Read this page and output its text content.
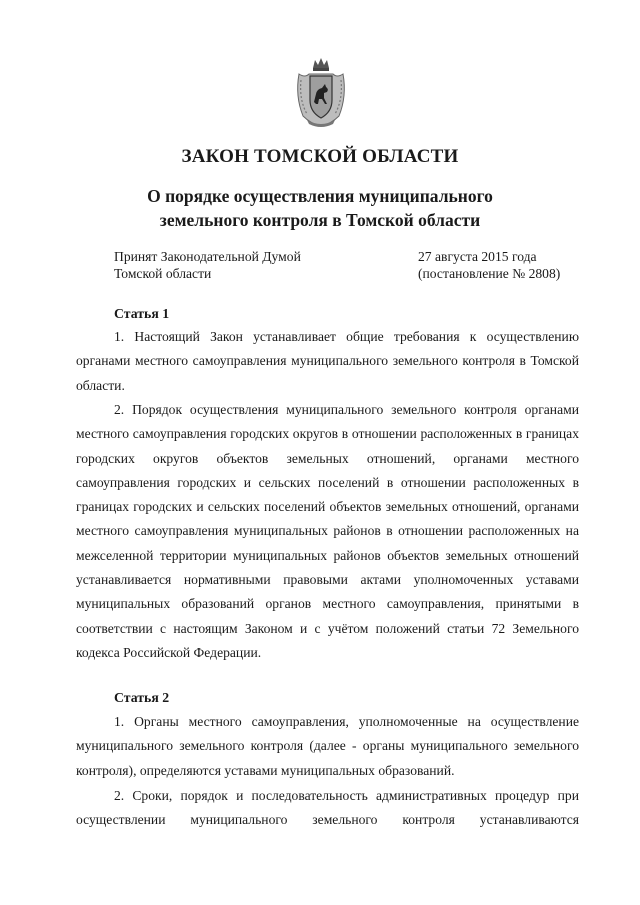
ЗАКОН ТОМСКОЙ ОБЛАСТИ
О порядке осуществления муниципального
земельного контроля в Томской области
Принят Законодательной Думой
Томской области
27 августа 2015 года
(постановление № 2808)
Статья 1

1. Настоящий Закон устанавливает общие требования к осуществлению органами местного самоуправления муниципального земельного контроля в Томской области.

2. Порядок осуществления муниципального земельного контроля органами местного самоуправления городских округов в отношении расположенных в границах городских округов объектов земельных отношений, органами местного самоуправления городских и сельских поселений в отношении расположенных в границах городских и сельских поселений объектов земельных отношений, органами местного самоуправления муниципальных районов в отношении расположенных на межселенной территории муниципальных районов объектов земельных отношений устанавливается нормативными правовыми актами уполномоченных уставами муниципальных образований органов местного самоуправления, принятыми в соответствии с настоящим Законом и с учётом положений статьи 72 Земельного кодекса Российской Федерации.

Статья 2

1. Органы местного самоуправления, уполномоченные на осуществление муниципального земельного контроля (далее - органы муниципального земельного контроля), определяются уставами муниципальных образований.

2. Сроки, порядок и последовательность административных процедур при осуществлении муниципального земельного контроля устанавливаются
